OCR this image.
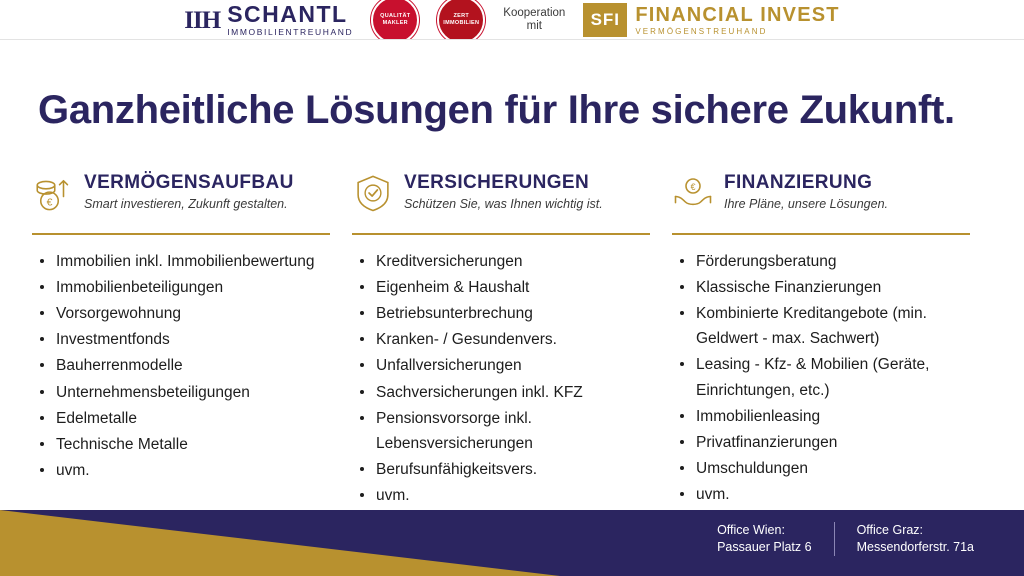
IIH SCHANTL
IMMOBILIENTREUHAND
QUALITÄT
MAKLER
ZERT
IMMOBILIEN
Kooperation
mit	SFI FINANCIAL INVEST
VERMÖGENSTREUHAND
Ganzheitliche Lösungen für Ihre sichere Zukunft.
€
VERMÖGENSAUFBAU
Smart investieren, Zukunft gestalten.
Immobilien inkl. Immobilienbewertung
Immobilienbeteiligungen
Vorsorgewohnung
Investmentfonds
Bauherrenmodelle
Unternehmensbeteiligungen
Edelmetalle
Technische Metalle
uvm.
VERSICHERUNGEN
Schützen Sie, was Ihnen wichtig ist.
Kreditversicherungen
Eigenheim & Haushalt
Betriebsunterbrechung
Kranken- / Gesundenvers.
Unfallversicherungen
Sachversicherungen inkl. KFZ
Pensionsvorsorge inkl. Lebensversicherungen
Berufsunfähigkeitsvers.
uvm.
€ FINANZIERUNG
Ihre Pläne, unsere Lösungen.
Förderungsberatung
Klassische Finanzierungen
Kombinierte Kreditangebote (min. Geldwert - max. Sachwert)
Leasing - Kfz- & Mobilien (Geräte, Einrichtungen, etc.)
Immobilienleasing
Privatfinanzierungen
Umschuldungen
uvm.
Office Wien:
Passauer Platz 6
Office Graz:
Messendorferstr. 71a
